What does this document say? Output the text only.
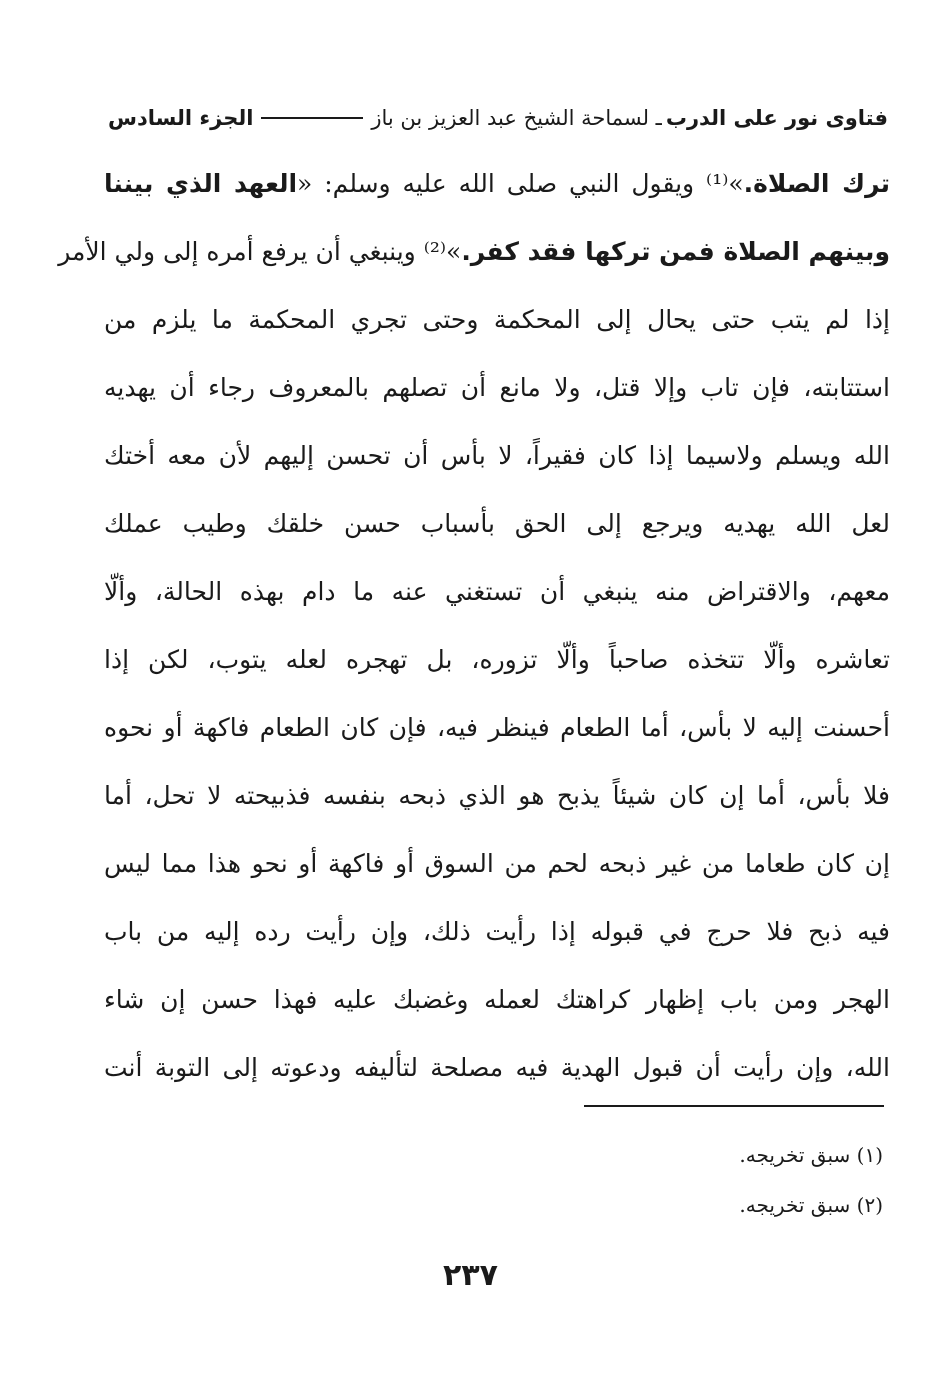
فتاوى نور على الدرب
ـ لسماحة الشيخ عبد العزيز بن باز
الجزء السادس
ترك الصلاة.»⁽¹⁾ ويقول النبي صلى الله عليه وسلم: «العهد الذي بيننا
وبينهم الصلاة فمن تركها فقد كفر.»⁽²⁾ وينبغي أن يرفع أمره إلى ولي الأمر
إذا لم يتب حتى يحال إلى المحكمة وحتى تجري المحكمة ما يلزم من
استتابته، فإن تاب وإلا قتل، ولا مانع أن تصلهم بالمعروف رجاء أن يهديه
الله ويسلم ولاسيما إذا كان فقيراً، لا بأس أن تحسن إليهم لأن معه أختك
لعل الله يهديه ويرجع إلى الحق بأسباب حسن خلقك وطيب عملك
معهم، والاقتراض منه ينبغي أن تستغني عنه ما دام بهذه الحالة، وألّا
تعاشره وألّا تتخذه صاحباً وألّا تزوره، بل تهجره لعله يتوب، لكن إذا
أحسنت إليه لا بأس، أما الطعام فينظر فيه، فإن كان الطعام فاكهة أو نحوه
فلا بأس، أما إن كان شيئاً يذبح هو الذي ذبحه بنفسه فذبيحته لا تحل، أما
إن كان طعاما من غير ذبحه لحم من السوق أو فاكهة أو نحو هذا مما ليس
فيه ذبح فلا حرج في قبوله إذا رأيت ذلك، وإن رأيت رده إليه من باب
الهجر ومن باب إظهار كراهتك لعمله وغضبك عليه فهذا حسن إن شاء
الله، وإن رأيت أن قبول الهدية فيه مصلحة لتأليفه ودعوته إلى التوبة أنت
(١) سبق تخريجه.
(٢) سبق تخريجه.
٢٣٧
